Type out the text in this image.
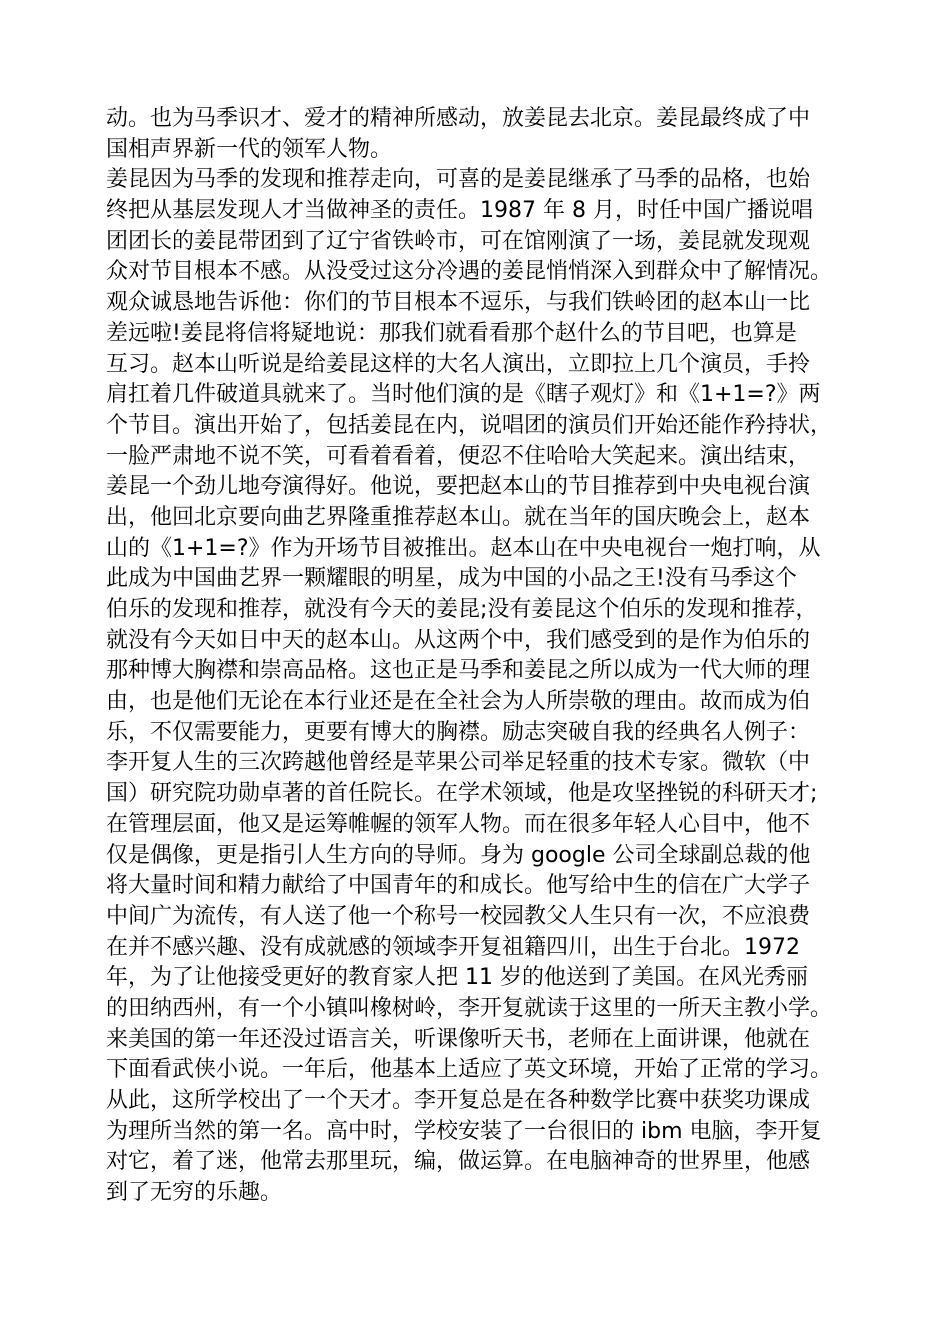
动。也为马季识才、爱才的精神所感动，放姜昆去北京。姜昆最终成了中
国相声界新一代的领军人物。
姜昆因为马季的发现和推荐走向，可喜的是姜昆继承了马季的品格，也始
终把从基层发现人才当做神圣的责任。1987 年 8 月，时任中国广播说唱
团团长的姜昆带团到了辽宁省铁岭市，可在馆刚演了一场，姜昆就发现观
众对节目根本不感。从没受过这分冷遇的姜昆悄悄深入到群众中了解情况。
观众诚恳地告诉他：你们的节目根本不逗乐，与我们铁岭团的赵本山一比
差远啦!姜昆将信将疑地说：那我们就看看那个赵什么的节目吧，也算是
互习。赵本山听说是给姜昆这样的大名人演出，立即拉上几个演员，手拎
肩扛着几件破道具就来了。当时他们演的是《瞎子观灯》和《1+1=?》两
个节目。演出开始了，包括姜昆在内，说唱团的演员们开始还能作矜持状，
一脸严肃地不说不笑，可看着看着，便忍不住哈哈大笑起来。演出结束，
姜昆一个劲儿地夸演得好。他说，要把赵本山的节目推荐到中央电视台演
出，他回北京要向曲艺界隆重推荐赵本山。就在当年的国庆晚会上，赵本
山的《1+1=?》作为开场节目被推出。赵本山在中央电视台一炮打响，从
此成为中国曲艺界一颗耀眼的明星，成为中国的小品之王!没有马季这个
伯乐的发现和推荐，就没有今天的姜昆;没有姜昆这个伯乐的发现和推荐，
就没有今天如日中天的赵本山。从这两个中，我们感受到的是作为伯乐的
那种博大胸襟和崇高品格。这也正是马季和姜昆之所以成为一代大师的理
由，也是他们无论在本行业还是在全社会为人所崇敬的理由。故而成为伯
乐，不仅需要能力，更要有博大的胸襟。励志突破自我的经典名人例子：
李开复人生的三次跨越他曾经是苹果公司举足轻重的技术专家。微软（中
国）研究院功勋卓著的首任院长。在学术领域，他是攻坚挫锐的科研天才;
在管理层面，他又是运筹帷幄的领军人物。而在很多年轻人心目中，他不
仅是偶像，更是指引人生方向的导师。身为 google 公司全球副总裁的他
将大量时间和精力献给了中国青年的和成长。他写给中生的信在广大学子
中间广为流传，有人送了他一个称号一校园教父人生只有一次，不应浪费
在并不感兴趣、没有成就感的领域李开复祖籍四川，出生于台北。1972
年，为了让他接受更好的教育家人把 11 岁的他送到了美国。在风光秀丽
的田纳西州，有一个小镇叫橡树岭，李开复就读于这里的一所天主教小学。
来美国的第一年还没过语言关，听课像听天书，老师在上面讲课，他就在
下面看武侠小说。一年后，他基本上适应了英文环境，开始了正常的学习。
从此，这所学校出了一个天才。李开复总是在各种数学比赛中获奖功课成
为理所当然的第一名。高中时，学校安装了一台很旧的 ibm 电脑，李开复
对它，着了迷，他常去那里玩，编，做运算。在电脑神奇的世界里，他感
到了无穷的乐趣。
